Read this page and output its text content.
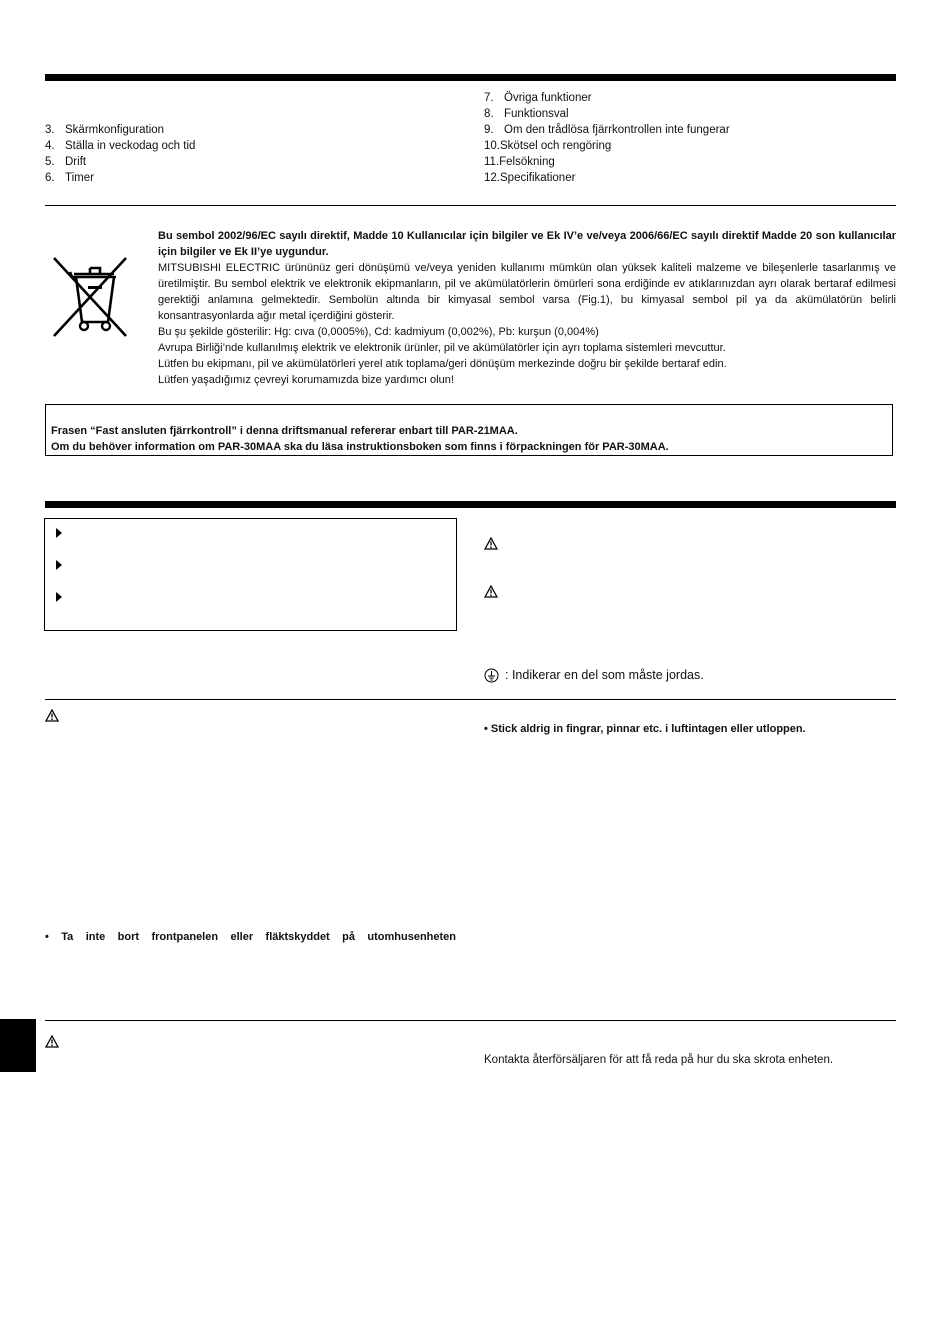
3. Skärmkonfiguration
4. Ställa in veckodag och tid
5. Drift
6. Timer
7. Övriga funktioner
8. Funktionsval
9. Om den trådlösa fjärrkontrollen inte fungerar
10.Skötsel och rengöring
11.Felsökning
12.Specifikationer

Bu sembol 2002/96/EC sayılı direktif, Madde 10 Kullanıcılar için bilgiler ve Ek IV’e ve/veya 2006/66/EC sayılı direktif Madde 20 son kullanıcılar için bilgiler ve Ek II’ye uygundur.

MITSUBISHI ELECTRIC ürününüz geri dönüşümü ve/veya yeniden kullanımı mümkün olan yüksek kaliteli malzeme ve bileşenlerle tasarlanmış ve üretilmiştir. Bu sembol elektrik ve elektronik ekipmanların, pil ve akümülatörlerin ömürleri sona erdiğinde ev atıklarınızdan ayrı olarak bertaraf edilmesi gerektiği anlamına gelmektedir. Sembolün altında bir kimyasal sembol varsa (Fig.1), bu kimyasal sembol pil ya da akümülatörün belirli konsantrasyonlarda ağır metal içerdiğini gösterir.

Bu şu şekilde gösterilir: Hg: cıva (0,0005%), Cd: kadmiyum (0,002%), Pb: kurşun (0,004%)

Avrupa Birliği’nde kullanılmış elektrik ve elektronik ürünler, pil ve akümülatörler için ayrı toplama sistemleri mevcuttur.

Lütfen bu ekipmanı, pil ve akümülatörleri yerel atık toplama/geri dönüşüm merkezinde doğru bir şekilde bertaraf edin.

Lütfen yaşadığımız çevreyi korumamızda bize yardımcı olun!

Frasen “Fast ansluten fjärrkontroll” i denna driftsmanual refererar enbart till PAR-21MAA.
Om du behöver information om PAR-30MAA ska du läsa instruktionsboken som finns i förpackningen för PAR-30MAA.
: Indikerar en del som måste jordas.
• Stick aldrig in fingrar, pinnar etc. i luftintagen eller utloppen.
• Ta inte bort frontpanelen eller fläktskyddet på utomhusenheten
Kontakta återförsäljaren för att få reda på hur du ska skrota enheten.
